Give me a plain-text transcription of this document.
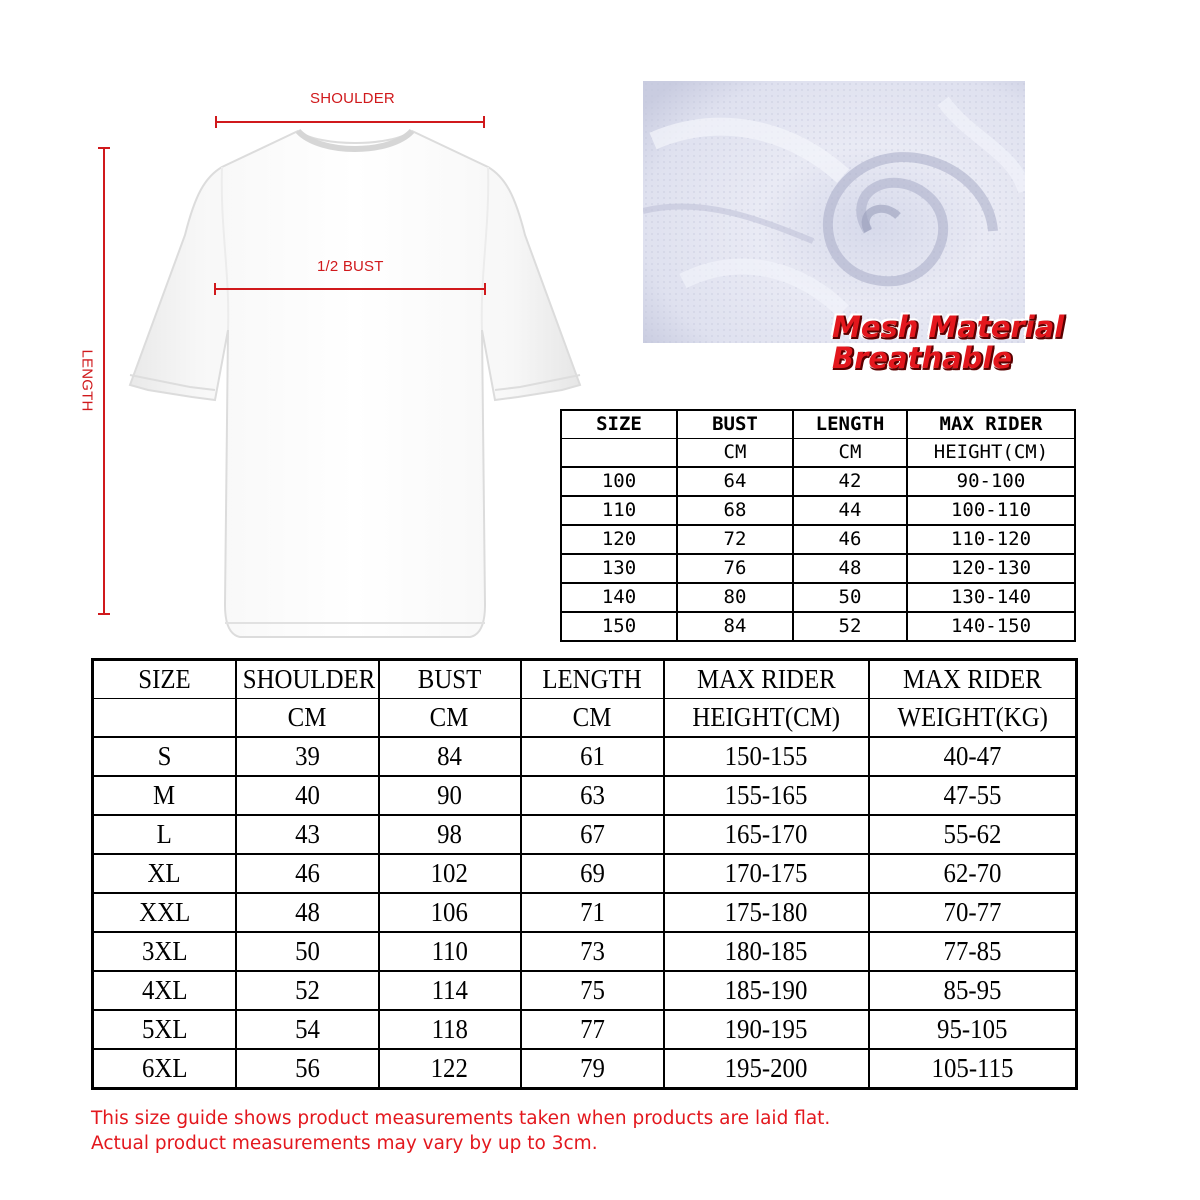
SHOULDER
1/2 BUST
LENGTH
Mesh Material
Breathable
SIZE	BUST	LENGTH	MAX RIDER
	CM	CM	HEIGHT(CM)
100	64	42	90-100
110	68	44	100-110
120	72	46	110-120
130	76	48	120-130
140	80	50	130-140
150	84	52	140-150
SIZE	SHOULDER	BUST	LENGTH	MAX RIDER	MAX RIDER
	CM	CM	CM	HEIGHT(CM)	WEIGHT(KG)
S	39	84	61	150-155	40-47
M	40	90	63	155-165	47-55
L	43	98	67	165-170	55-62
XL	46	102	69	170-175	62-70
XXL	48	106	71	175-180	70-77
3XL	50	110	73	180-185	77-85
4XL	52	114	75	185-190	85-95
5XL	54	118	77	190-195	95-105
6XL	56	122	79	195-200	105-115
This size guide shows product measurements taken when products are laid flat.
Actual product measurements may vary by up to 3cm.
